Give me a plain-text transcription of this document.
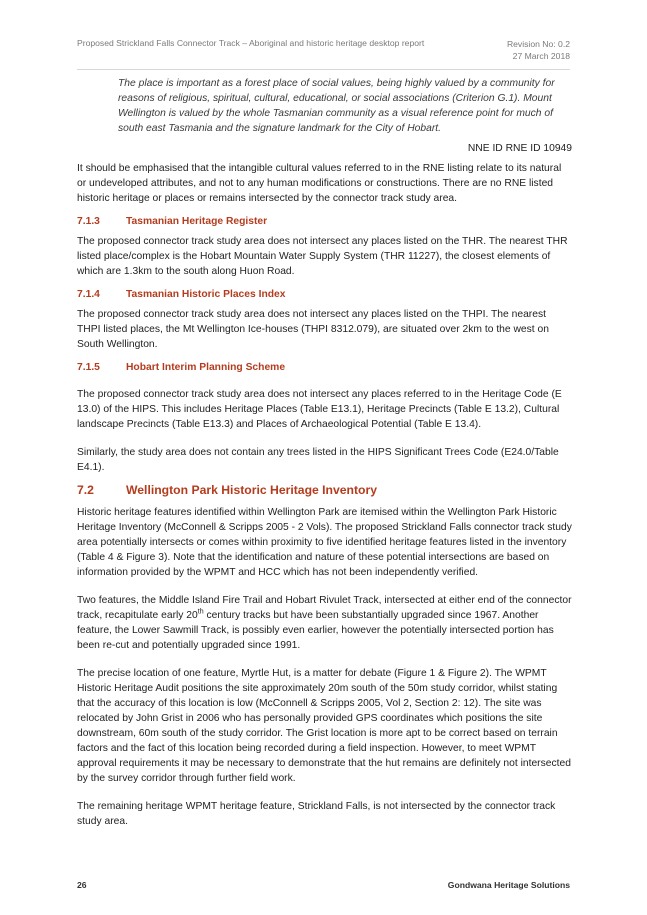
Proposed Strickland Falls Connector Track – Aboriginal and historic heritage desktop report	Revision No: 0.2
27 March 2018

The place is important as a forest place of social values, being highly valued by a community for reasons of religious, spiritual, cultural, educational, or social associations (Criterion G.1). Mount Wellington is valued by the whole Tasmanian community as a visual reference point for much of south east Tasmania and the signature landmark for the City of Hobart.

NNE ID RNE ID 10949

It should be emphasised that the intangible cultural values referred to in the RNE listing relate to its natural or undeveloped attributes, and not to any human modifications or constructions. There are no RNE listed historic heritage or places or remains intersected by the connector track study area.

7.1.3	Tasmanian Heritage Register

The proposed connector track study area does not intersect any places listed on the THR. The nearest THR listed place/complex is the Hobart Mountain Water Supply System (THR 11227), the closest elements of which are 1.3km to the south along Huon Road.

7.1.4	Tasmanian Historic Places Index

The proposed connector track study area does not intersect any places listed on the THPI. The nearest THPI listed places, the Mt Wellington Ice-houses (THPI 8312.079), are situated over 2km to the west on South Wellington.

7.1.5	Hobart Interim Planning Scheme

The proposed connector track study area does not intersect any places referred to in the Heritage Code (E 13.0) of the HIPS. This includes Heritage Places (Table E13.1), Heritage Precincts (Table E 13.2), Cultural landscape Precincts (Table E13.3) and Places of Archaeological Potential (Table E 13.4).

Similarly, the study area does not contain any trees listed in the HIPS Significant Trees Code (E24.0/Table E4.1).

7.2	Wellington Park Historic Heritage Inventory

Historic heritage features identified within Wellington Park are itemised within the Wellington Park Historic Heritage Inventory (McConnell & Scripps 2005 - 2 Vols). The proposed Strickland Falls connector track study area potentially intersects or comes within proximity to five identified heritage features listed in the inventory (Table 4 & Figure 3). Note that the identification and nature of these potential intersections are based on information provided by the WPMT and HCC which has not been independently verified.

Two features, the Middle Island Fire Trail and Hobart Rivulet Track, intersected at either end of the connector track, recapitulate early 20th century tracks but have been substantially upgraded since 1967. Another feature, the Lower Sawmill Track, is possibly even earlier, however the potentially intersected portion has been re-cut and potentially upgraded since 1991.

The precise location of one feature, Myrtle Hut, is a matter for debate (Figure 1 & Figure 2). The WPMT Historic Heritage Audit positions the site approximately 20m south of the 50m study corridor, whilst stating that the accuracy of this location is low (McConnell & Scripps 2005, Vol 2, Section 2: 12). The site was relocated by John Grist in 2006 who has personally provided GPS coordinates which positions the site downstream, 60m south of the study corridor. The Grist location is more apt to be correct based on terrain factors and the fact of this location being recorded during a field inspection. However, to meet WPMT approval requirements it may be necessary to demonstrate that the hut remains are definitely not intersected by the survey corridor through further field work.

The remaining heritage WPMT heritage feature, Strickland Falls, is not intersected by the connector track study area.

26	Gondwana Heritage Solutions
